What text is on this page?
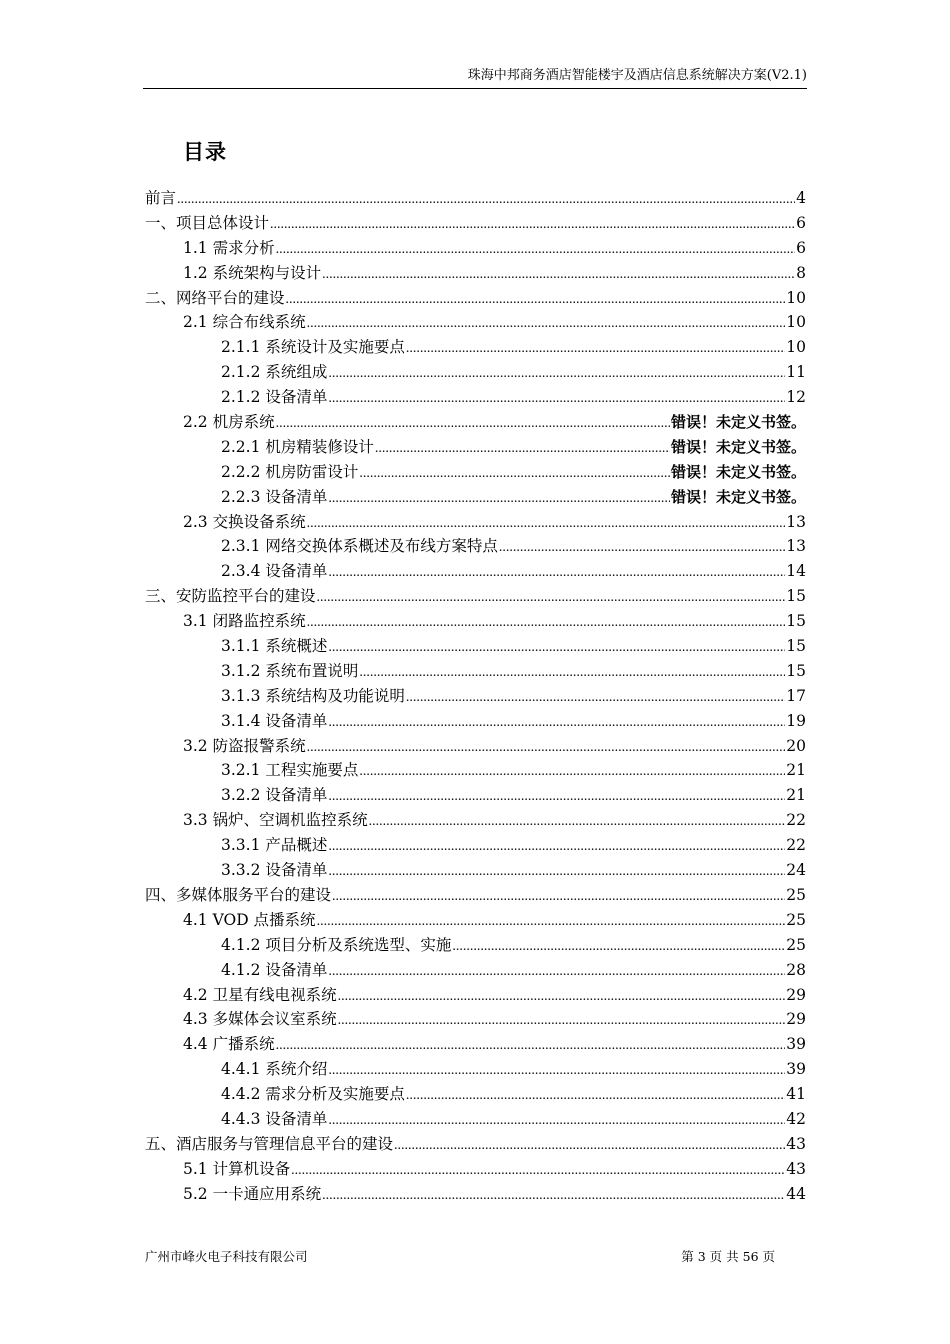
珠海中邦商务酒店智能楼宇及酒店信息系统解决方案(V2.1)
目录
前言 .....	4
一、项目总体设计 .....	6
1.1 需求分析 .....	6
1.2 系统架构与设计 .....	8
二、网络平台的建设 .....	10
2.1 综合布线系统 .....	10
2.1.1 系统设计及实施要点 .....	10
2.1.2 系统组成 .....	11
2.1.2 设备清单 .....	12
2.2 机房系统 .....	错误！未定义书签。
2.2.1 机房精装修设计 .....	错误！未定义书签。
2.2.2 机房防雷设计 .....	错误！未定义书签。
2.2.3 设备清单 .....	错误！未定义书签。
2.3 交换设备系统 .....	13
2.3.1 网络交换体系概述及布线方案特点 .....	13
2.3.4 设备清单 .....	14
三、安防监控平台的建设 .....	15
3.1 闭路监控系统 .....	15
3.1.1 系统概述 .....	15
3.1.2 系统布置说明 .....	15
3.1.3 系统结构及功能说明 .....	17
3.1.4 设备清单 .....	19
3.2 防盗报警系统 .....	20
3.2.1 工程实施要点 .....	21
3.2.2 设备清单 .....	21
3.3 锅炉、空调机监控系统 .....	22
3.3.1 产品概述 .....	22
3.3.2 设备清单 .....	24
四、多媒体服务平台的建设 .....	25
4.1 VOD 点播系统 .....	25
4.1.2 项目分析及系统选型、实施 .....	25
4.1.2 设备清单 .....	28
4.2 卫星有线电视系统 .....	29
4.3 多媒体会议室系统 .....	29
4.4 广播系统 .....	39
4.4.1 系统介绍 .....	39
4.4.2 需求分析及实施要点 .....	41
4.4.3 设备清单 .....	42
五、酒店服务与管理信息平台的建设 .....	43
5.1 计算机设备 .....	43
5.2 一卡通应用系统 .....	44
广州市峰火电子科技有限公司	第 3 页 共 56 页
